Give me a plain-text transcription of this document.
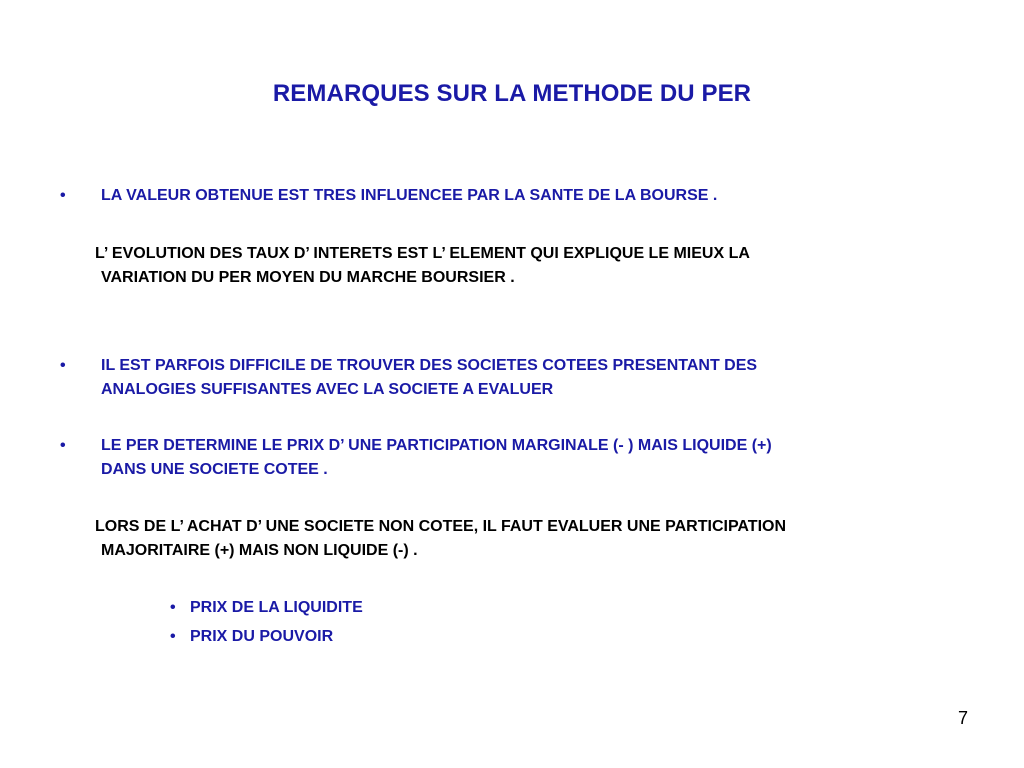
REMARQUES SUR LA METHODE DU PER
• LA VALEUR OBTENUE EST TRES INFLUENCEE PAR LA SANTE DE LA BOURSE .
L’ EVOLUTION DES TAUX D’ INTERETS EST L’ ELEMENT QUI EXPLIQUE LE MIEUX LA
VARIATION DU PER MOYEN DU MARCHE BOURSIER .
• IL EST PARFOIS DIFFICILE DE TROUVER DES SOCIETES COTEES PRESENTANT DES
ANALOGIES SUFFISANTES AVEC LA SOCIETE A EVALUER
• LE PER DETERMINE LE PRIX D’ UNE PARTICIPATION MARGINALE (- ) MAIS LIQUIDE (+)
DANS UNE SOCIETE COTEE .
LORS DE L’ ACHAT D’ UNE SOCIETE NON COTEE, IL FAUT EVALUER UNE PARTICIPATION
MAJORITAIRE (+) MAIS NON LIQUIDE (-) .
• PRIX DE LA LIQUIDITE
• PRIX DU POUVOIR
7
